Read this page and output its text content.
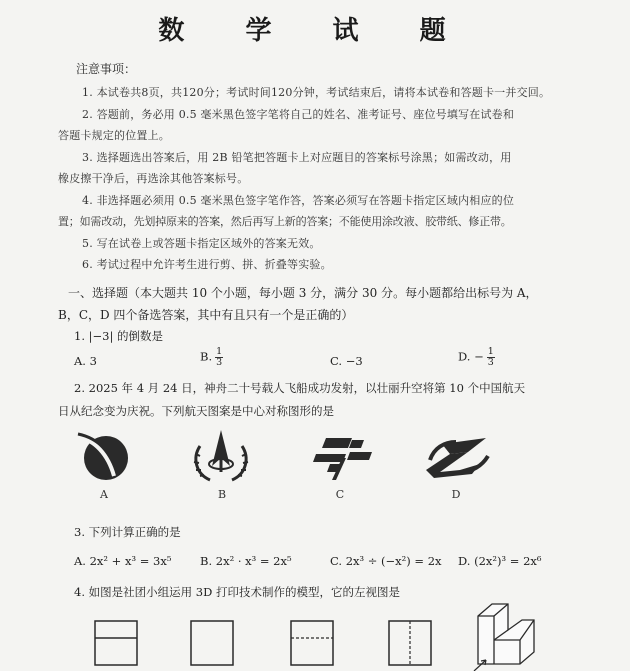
数 学 试 题
注意事项：
1. 本试卷共8页，共120分；考试时间120分钟，考试结束后，请将本试卷和答题卡一并交回。
2. 答题前，务必用 0.5 毫米黑色签字笔将自己的姓名、准考证号、座位号填写在试卷和
答题卡规定的位置上。
3. 选择题选出答案后，用 2B 铅笔把答题卡上对应题目的答案标号涂黑；如需改动，用
橡皮擦干净后，再选涂其他答案标号。
4. 非选择题必须用 0.5 毫米黑色签字笔作答，答案必须写在答题卡指定区域内相应的位
置；如需改动，先划掉原来的答案，然后再写上新的答案；不能使用涂改液、胶带纸、修正带。
5. 写在试卷上或答题卡指定区域外的答案无效。
6. 考试过程中允许考生进行剪、拼、折叠等实验。
一、选择题（本大题共 10 个小题，每小题 3 分，满分 30 分。每小题都给出标号为 A，
B，C，D 四个备选答案，其中有且只有一个是正确的）
1. |−3| 的倒数是
A. 3	B. $\frac{1}{3}$	C. −3	D. − $\frac{1}{3}$
2. 2025 年 4 月 24 日，神舟二十号载人飞船成功发射，以壮丽升空将第 10 个中国航天
日从纪念变为庆祝。下列航天图案是中心对称图形的是
A	B	C	D
3. 下列计算正确的是
A. 2x² + x³ = 3x⁵ B. 2x² · x³ = 2x⁵	C. 2x³ ÷ (−x²) = 2x D. (2x²)³ = 2x⁶
4. 如图是社团小组运用 3D 打印技术制作的模型，它的左视图是
